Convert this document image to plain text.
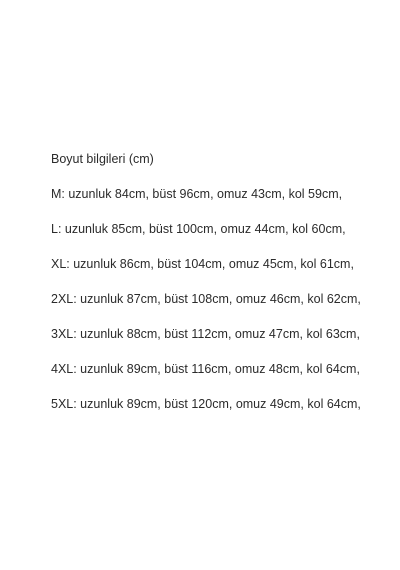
Boyut bilgileri (cm)
M: uzunluk 84cm, büst 96cm, omuz 43cm, kol 59cm,
L: uzunluk 85cm, büst 100cm, omuz 44cm, kol 60cm,
XL: uzunluk 86cm, büst 104cm, omuz 45cm, kol 61cm,
2XL: uzunluk 87cm, büst 108cm, omuz 46cm, kol 62cm,
3XL: uzunluk 88cm, büst 112cm, omuz 47cm, kol 63cm,
4XL: uzunluk 89cm, büst 116cm, omuz 48cm, kol 64cm,
5XL: uzunluk 89cm, büst 120cm, omuz 49cm, kol 64cm,
